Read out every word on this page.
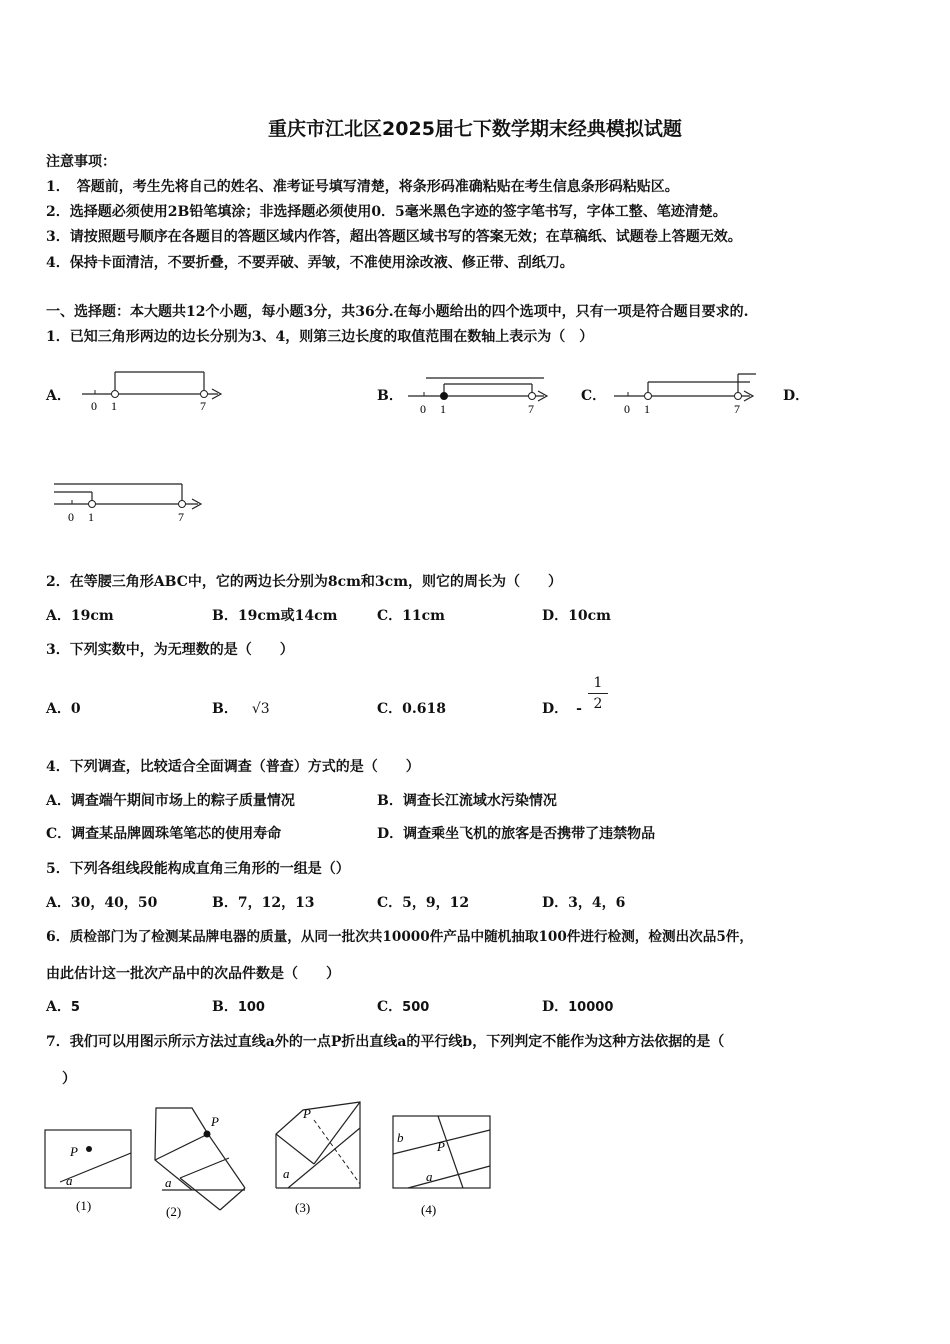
重庆市江北区2025届七下数学期末经典模拟试题
注意事项：
1．　答题前，考生先将自己的姓名、准考证号填写清楚，将条形码准确粘贴在考生信息条形码粘贴区。
2．选择题必须使用2B铅笔填涂；非选择题必须使用0．5毫米黑色字迹的签字笔书写，字体工整、笔迹清楚。
3．请按照题号顺序在各题目的答题区域内作答，超出答题区域书写的答案无效；在草稿纸、试题卷上答题无效。
4．保持卡面清洁，不要折叠，不要弄破、弄皱，不准使用涂改液、修正带、刮纸刀。
一、选择题：本大题共12个小题，每小题3分，共36分.在每小题给出的四个选项中，只有一项是符合题目要求的.
1．已知三角形两边的边长分别为3、4，则第三边长度的取值范围在数轴上表示为（　）
A．
0 1	7
B．
0 1	7
C．
0 1	7
D．
0 1	7
2．在等腰三角形ABC中，它的两边长分别为8cm和3cm，则它的周长为（　　）
A．19cm	B．19cm或14cm	C．11cm	D．10cm
3．下列实数中，为无理数的是（　　）
A．0	B． √3	C．0.618	D． -
1
2
4．下列调查，比较适合全面调查（普查）方式的是（　　）
A．调查端午期间市场上的粽子质量情况	B．调查长江流域水污染情况
C．调查某品牌圆珠笔笔芯的使用寿命	D．调查乘坐飞机的旅客是否携带了违禁物品
5．下列各组线段能构成直角三角形的一组是（）
A．30，40，50	B．7，12，13	C．5，9，12	D．3，4，6
6．质检部门为了检测某品牌电器的质量，从同一批次共10000件产品中随机抽取100件进行检测，检测出次品5件，
由此估计这一批次产品中的次品件数是（　　）
A．5	B．100	C．500	D．10000
7．我们可以用图示所示方法过直线a外的一点P折出直线a的平行线b，下列判定不能作为这种方法依据的是（
）
P
a
(1)
P
a
(2)
P
a
(3)
b
P
a
(4)
